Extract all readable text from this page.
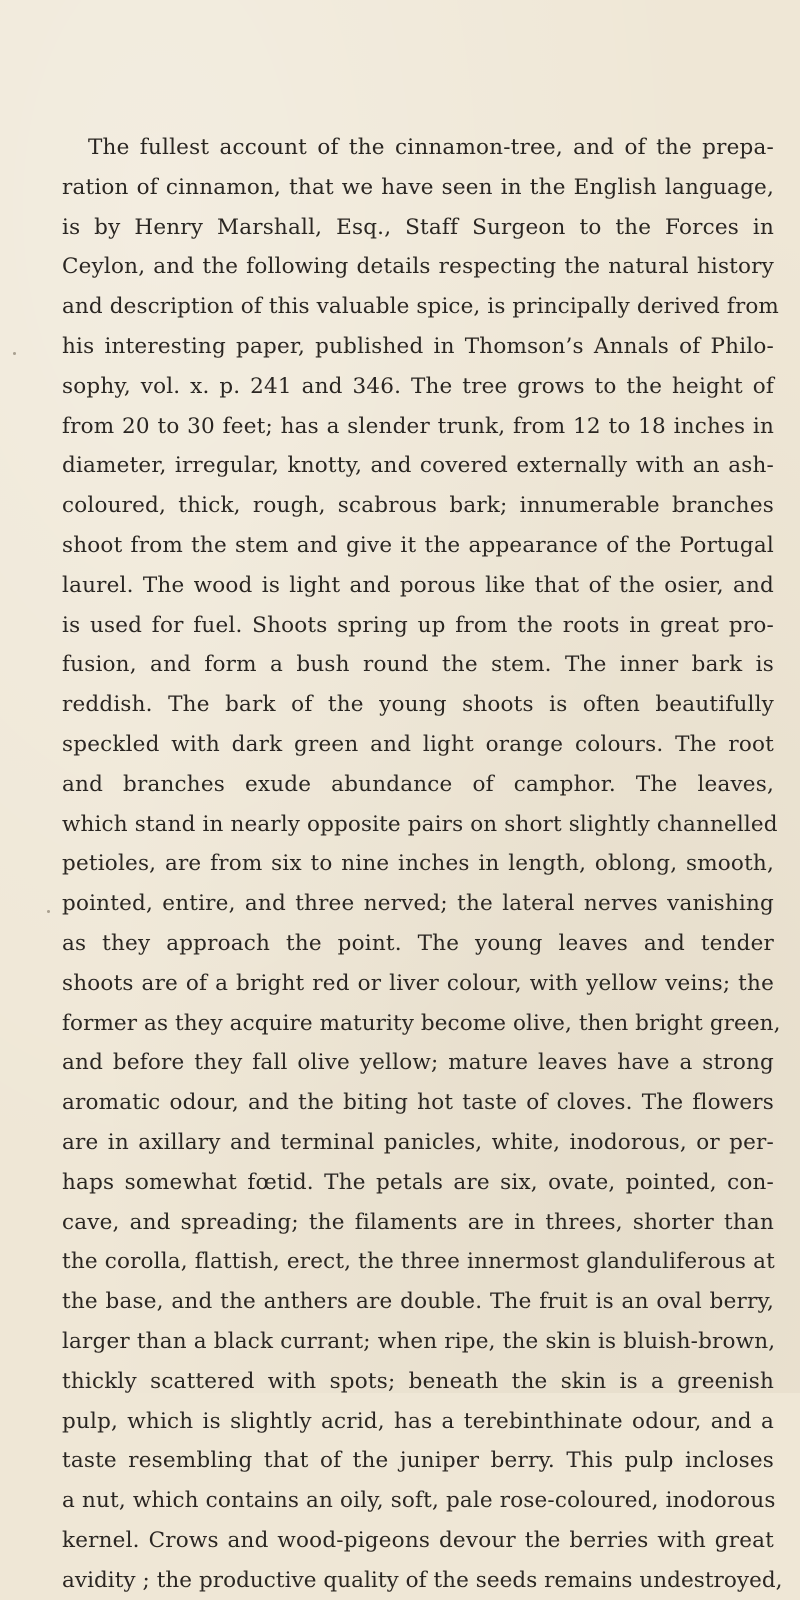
The fullest account of the cinnamon-tree, and of the prepa-
ration of cinnamon, that we have seen in the English language,
is by Henry Marshall, Esq., Staff Surgeon to the Forces in
Ceylon, and the following details respecting the natural history
and description of this valuable spice, is principally derived from
his interesting paper, published in Thomson’s Annals of Philo-
sophy, vol. x. p. 241 and 346. The tree grows to the height of
from 20 to 30 feet; has a slender trunk, from 12 to 18 inches in
diameter, irregular, knotty, and covered externally with an ash-
coloured, thick, rough, scabrous bark; innumerable branches
shoot from the stem and give it the appearance of the Portugal
laurel. The wood is light and porous like that of the osier, and
is used for fuel. Shoots spring up from the roots in great pro-
fusion, and form a bush round the stem. The inner bark is
reddish. The bark of the young shoots is often beautifully
speckled with dark green and light orange colours. The root
and branches exude abundance of camphor. The leaves,
which stand in nearly opposite pairs on short slightly channelled
petioles, are from six to nine inches in length, oblong, smooth,
pointed, entire, and three nerved; the lateral nerves vanishing
as they approach the point. The young leaves and tender
shoots are of a bright red or liver colour, with yellow veins; the
former as they acquire maturity become olive, then bright green,
and before they fall olive yellow; mature leaves have a strong
aromatic odour, and the biting hot taste of cloves. The flowers
are in axillary and terminal panicles, white, inodorous, or per-
haps somewhat fœtid. The petals are six, ovate, pointed, con-
cave, and spreading; the filaments are in threes, shorter than
the corolla, flattish, erect, the three innermost glanduliferous at
the base, and the anthers are double. The fruit is an oval berry,
larger than a black currant; when ripe, the skin is bluish-brown,
thickly scattered with spots; beneath the skin is a greenish
pulp, which is slightly acrid, has a terebinthinate odour, and a
taste resembling that of the juniper berry. This pulp incloses
a nut, which contains an oily, soft, pale rose-coloured, inodorous
kernel. Crows and wood-pigeons devour the berries with great
avidity ; the productive quality of the seeds remains undestroyed,
